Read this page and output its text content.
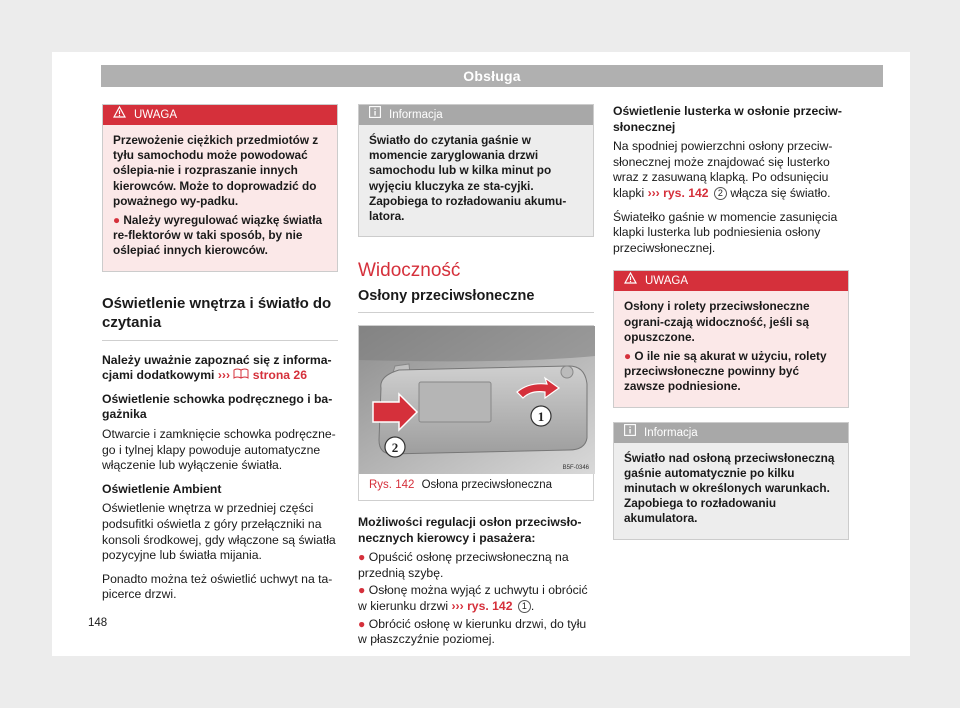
Obsługa
UWAGA

Przewożenie ciężkich przedmiotów z tyłu samochodu może powodować oślepia-nie i rozpraszanie innych kierowców. Może to doprowadzić do poważnego wy-padku.

● Należy wyregulować wiązkę światła re-flektorów w taki sposób, by nie oślepiać innych kierowców.

Oświetlenie wnętrza i światło do czytania

Należy uważnie zapoznać się z informa-cjami dodatkowymi ››› strona 26

Oświetlenie schowka podręcznego i ba-gażnika

Otwarcie i zamknięcie schowka podręczne-go i tylnej klapy powoduje automatyczne włączenie lub wyłączenie światła.

Oświetlenie Ambient

Oświetlenie wnętrza w przedniej części podsufitki oświetla z góry przełączniki na konsoli środkowej, gdy włączone są światła pozycyjne lub światła mijania.

Ponadto można też oświetlić uchwyt na ta-picerce drzwi.

Informacja

Światło do czytania gaśnie w momencie zaryglowania drzwi samochodu lub w kilka minut po wyjęciu kluczyka ze sta-cyjki. Zapobiega to rozładowaniu akumu-latora.

Widoczność
Osłony przeciwsłoneczne
1
2
B5F-0346
Rys. 142 Osłona przeciwsłoneczna

Możliwości regulacji osłon przeciwsło-necznych kierowcy i pasażera:

● Opuścić osłonę przeciwsłoneczną na przednią szybę.

● Osłonę można wyjąć z uchwytu i obrócić w kierunku drzwi ››› rys. 142 1 .

● Obrócić osłonę w kierunku drzwi, do tyłu w płaszczyźnie poziomej.

Oświetlenie lusterka w osłonie przeciw-słonecznej

Na spodniej powierzchni osłony przeciw-słonecznej może znajdować się lusterko wraz z zasuwaną klapką. Po odsunięciu klapki ››› rys. 142 2 włącza się światło.

Światełko gaśnie w momencie zasunięcia klapki lusterka lub podniesienia osłony przeciwsłonecznej.

UWAGA

Osłony i rolety przeciwsłoneczne ograni-czają widoczność, jeśli są opuszczone.

● O ile nie są akurat w użyciu, rolety przeciwsłoneczne powinny być zawsze podniesione.

Informacja

Światło nad osłoną przeciwsłoneczną gaśnie automatycznie po kilku minutach w określonych warunkach. Zapobiega to rozładowaniu akumulatora.

148
